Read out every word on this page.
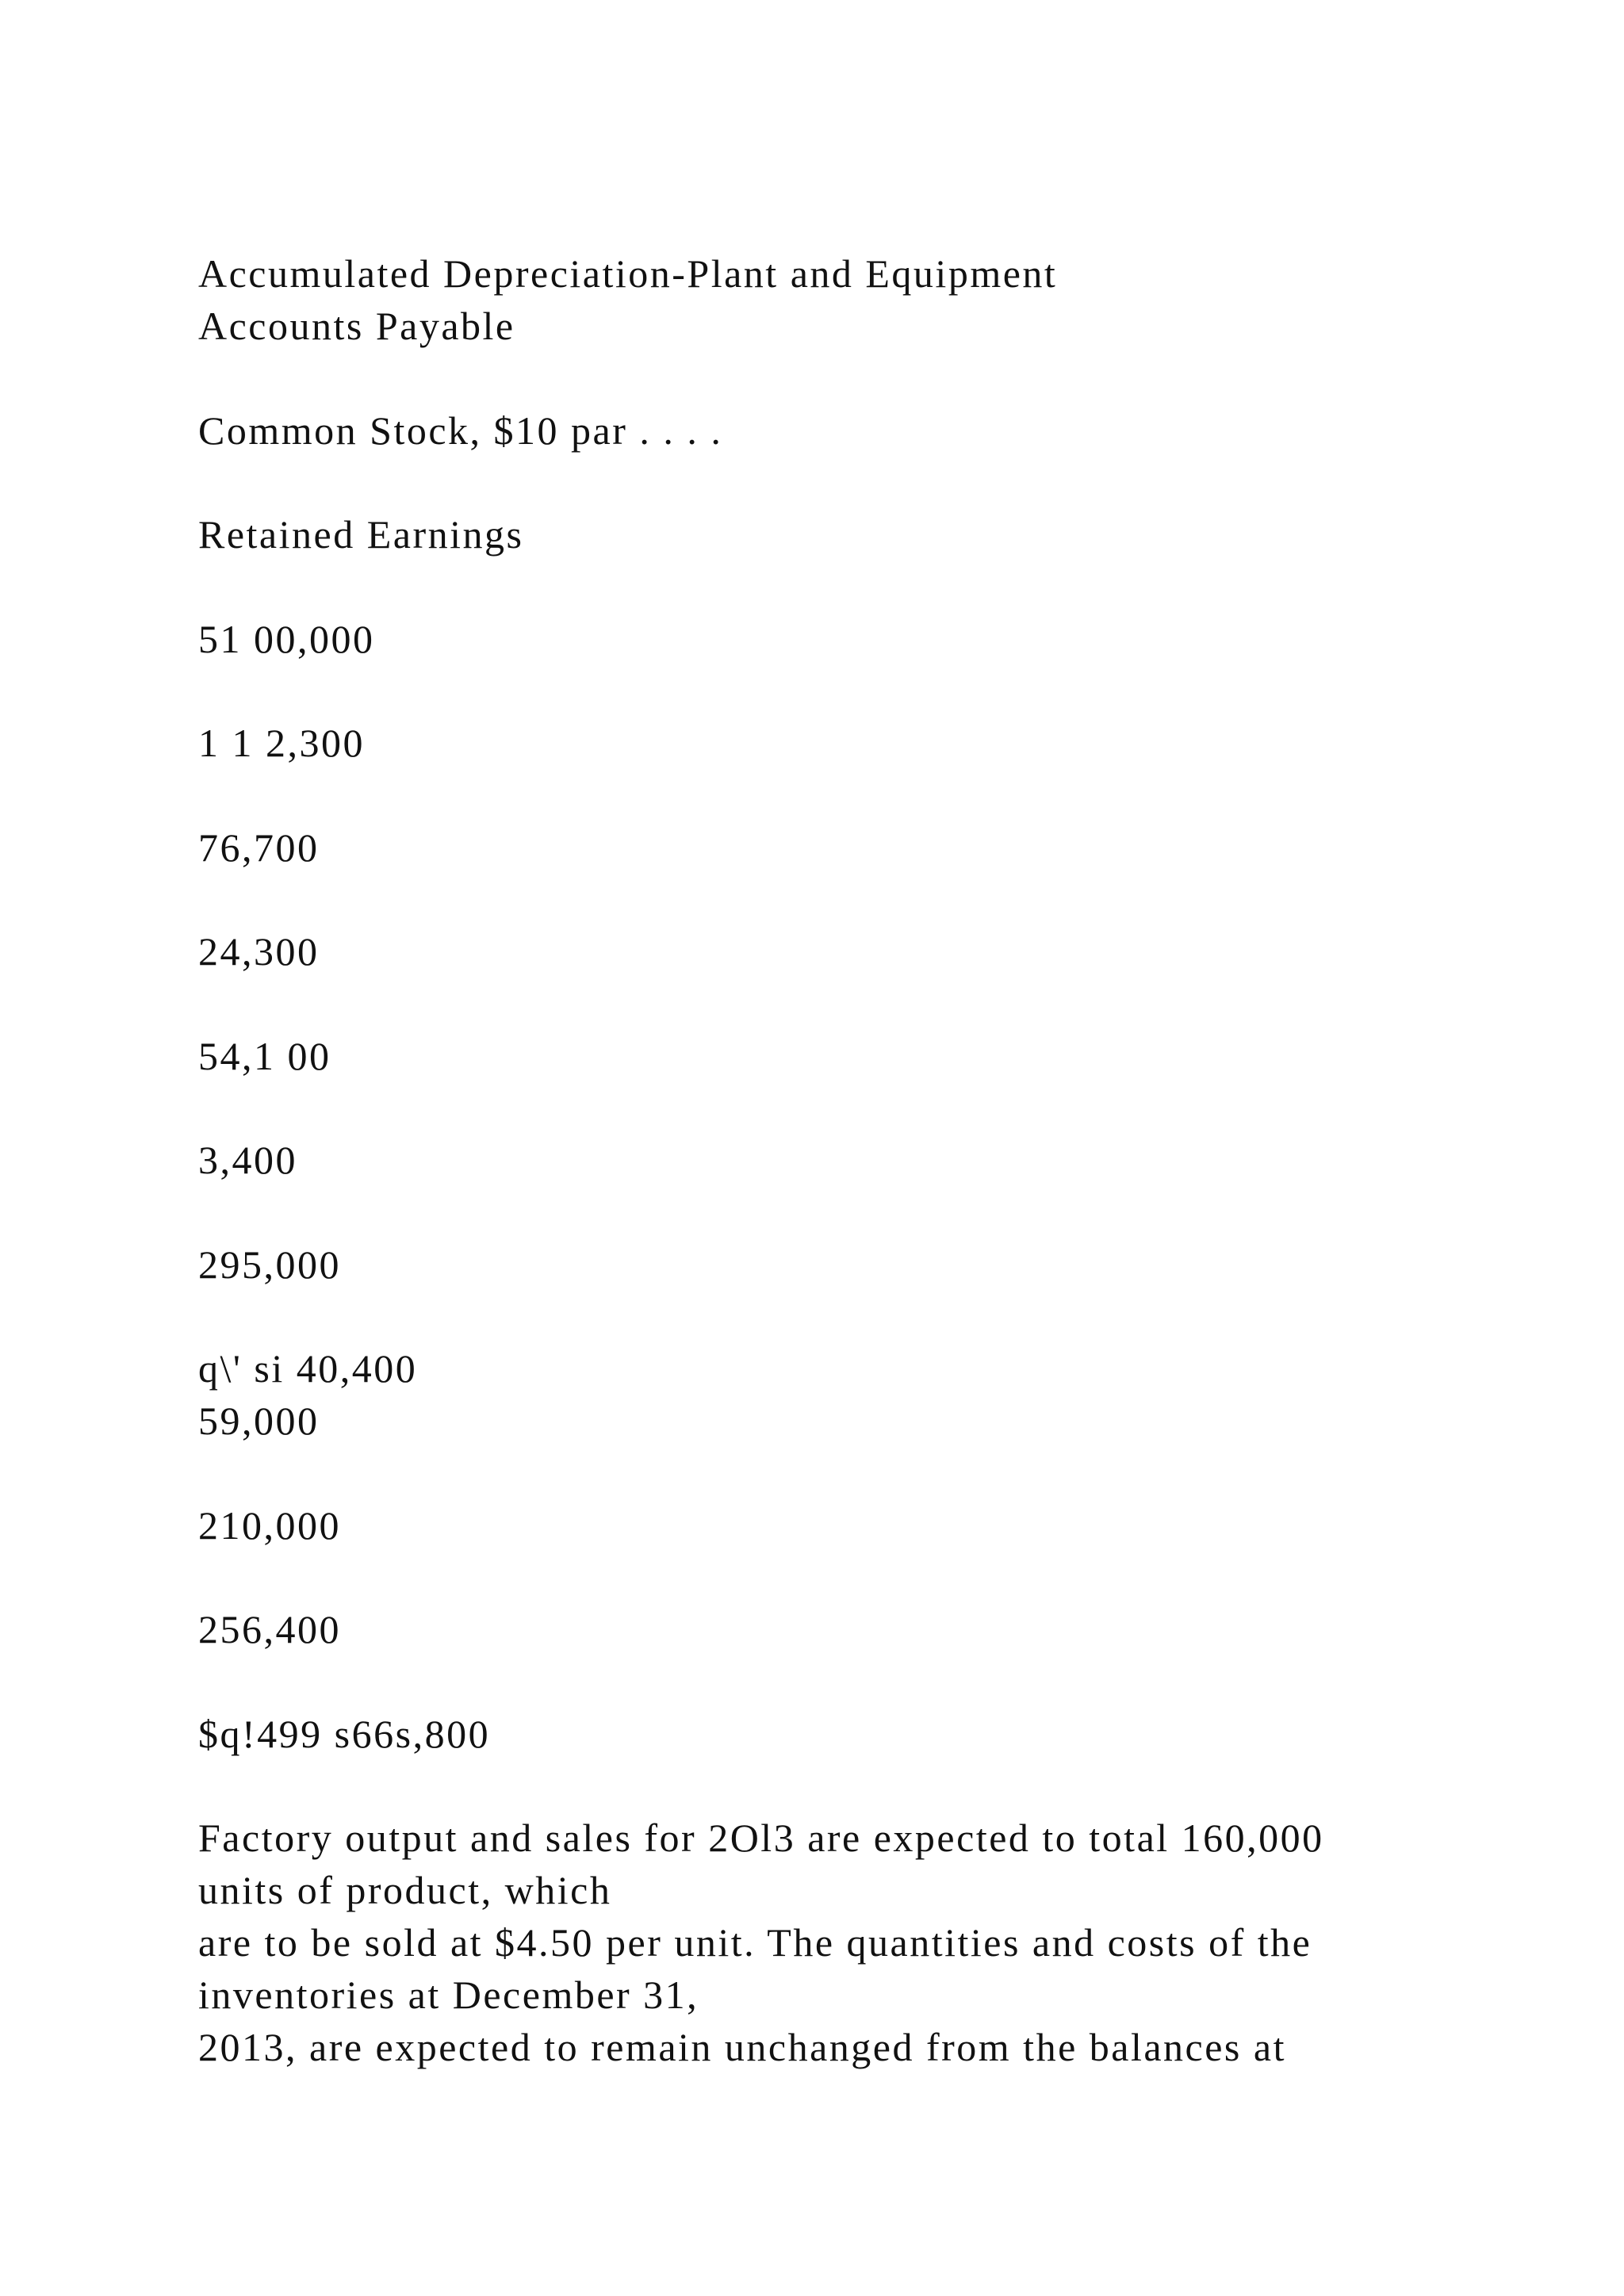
Accumulated Depreciation-Plant and Equipment
Accounts Payable
Common Stock, $10 par . . . .
Retained Earnings
51 00,000
1 1 2,300
76,700
24,300
54,1 00
3,400
295,000
q\' si 40,400
59,000
210,000
256,400
$q!499 s66s,800
Factory output and sales for 2Ol3 are expected to total 160,000
units of product, which
are to be sold at $4.50 per unit. The quantities and costs of the
inventories at December 31,
2013, are expected to remain unchanged from the balances at
